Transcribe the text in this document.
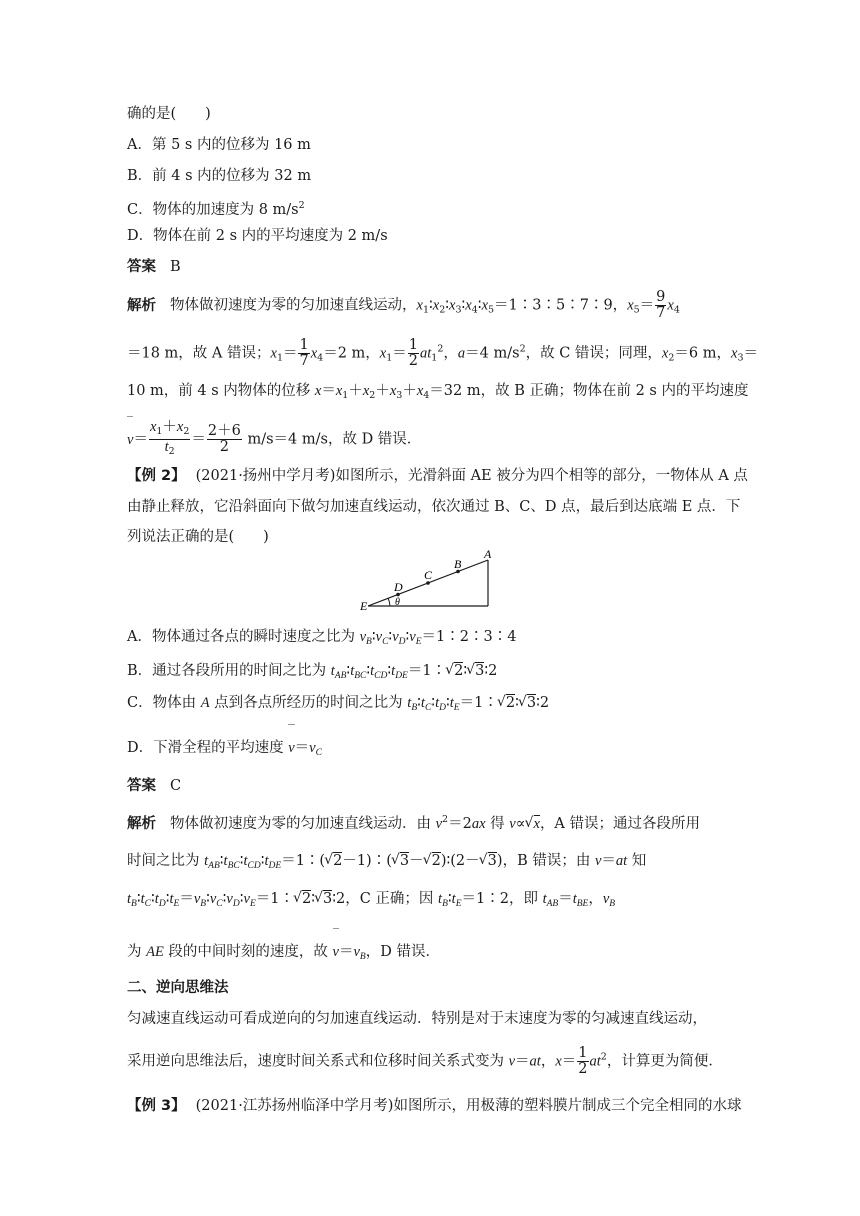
确的是(　　)
A．第 5 s 内的位移为 16 m
B．前 4 s 内的位移为 32 m
C．物体的加速度为 8 $m/s^2$
D．物体在前 2 s 内的平均速度为 2 m/s
答案 B
解析 物体做初速度为零的匀加速直线运动，$x_1∶x_2∶x_3∶x_4∶x_5=1∶3∶5∶7∶9$，$x_5= \frac{9}{7} x_4$
＝18 m，故 A 错误；$x_1= \frac{1}{7} x_4=2$ m，$x_1= \frac{1}{2} at_1^2$，a＝4 $m/s^2$，故 C 错误；同理，$x_2=6$ m，$x_3=$
10 m，前 4 s 内物体的位移 $x=x_1+x_2+x_3+x_4=32$ m，故 B 正确；物体在前 2 s 内的平均速度
$v= \frac{x_1+x_2}{t_2} = \frac{2+6}{2} m/s=4$ m/s，故 D 错误．
【例 2】 (2021·扬州中学月考)如图所示，光滑斜面 AE 被分为四个相等的部分，一物体从 A 点
由静止释放，它沿斜面向下做匀加速直线运动，依次通过 B、C、D 点，最后到达底端 E 点．下
列说法正确的是(　　)
A
B
C
D
E	θ
A．物体通过各点的瞬时速度之比为 $v_B∶v_C∶v_D∶v_E=1∶2∶3∶4$
B．通过各段所用的时间之比为 $t_{AB}∶t_{BC}∶t_{CD}∶t_{DE}=1∶√$ 2∶√ 3∶2
C．物体由 A 点到各点所经历的时间之比为 $t_B∶t_C∶t_D∶t_E=1∶√$ 2∶√ 3∶2
D．下滑全程的平均速度 $v=v_C$
答案 C
解析 物体做初速度为零的匀加速直线运动．由 $v^2=2ax$ 得 v∝√ x，A 错误；通过各段所用
时间之比为 $t_{AB}∶t_{BC}∶t_{CD}∶t_{DE}=1∶(√$ 2－1)∶(√ 3－√ 2)∶(2－√ 3)，B 错误；由 v＝at 知
$t_B∶t_C∶t_D∶t_E=v_B∶v_C∶v_D∶v_E=1∶√$ 2∶√ 3∶2，C 正确；因 $t_B∶t_E=1∶2$，即 $t_{AB}=t_{BE}$，$v_B$
为 AE 段的中间时刻的速度，故 $v=v_B$，D 错误．
二、逆向思维法
匀减速直线运动可看成逆向的匀加速直线运动．特别是对于末速度为零的匀减速直线运动，
采用逆向思维法后，速度时间关系式和位移时间关系式变为 v＝at，$x= \frac{1}{2} at^2$，计算更为简便．
【例 3】 (2021·江苏扬州临泽中学月考)如图所示，用极薄的塑料膜片制成三个完全相同的水球
